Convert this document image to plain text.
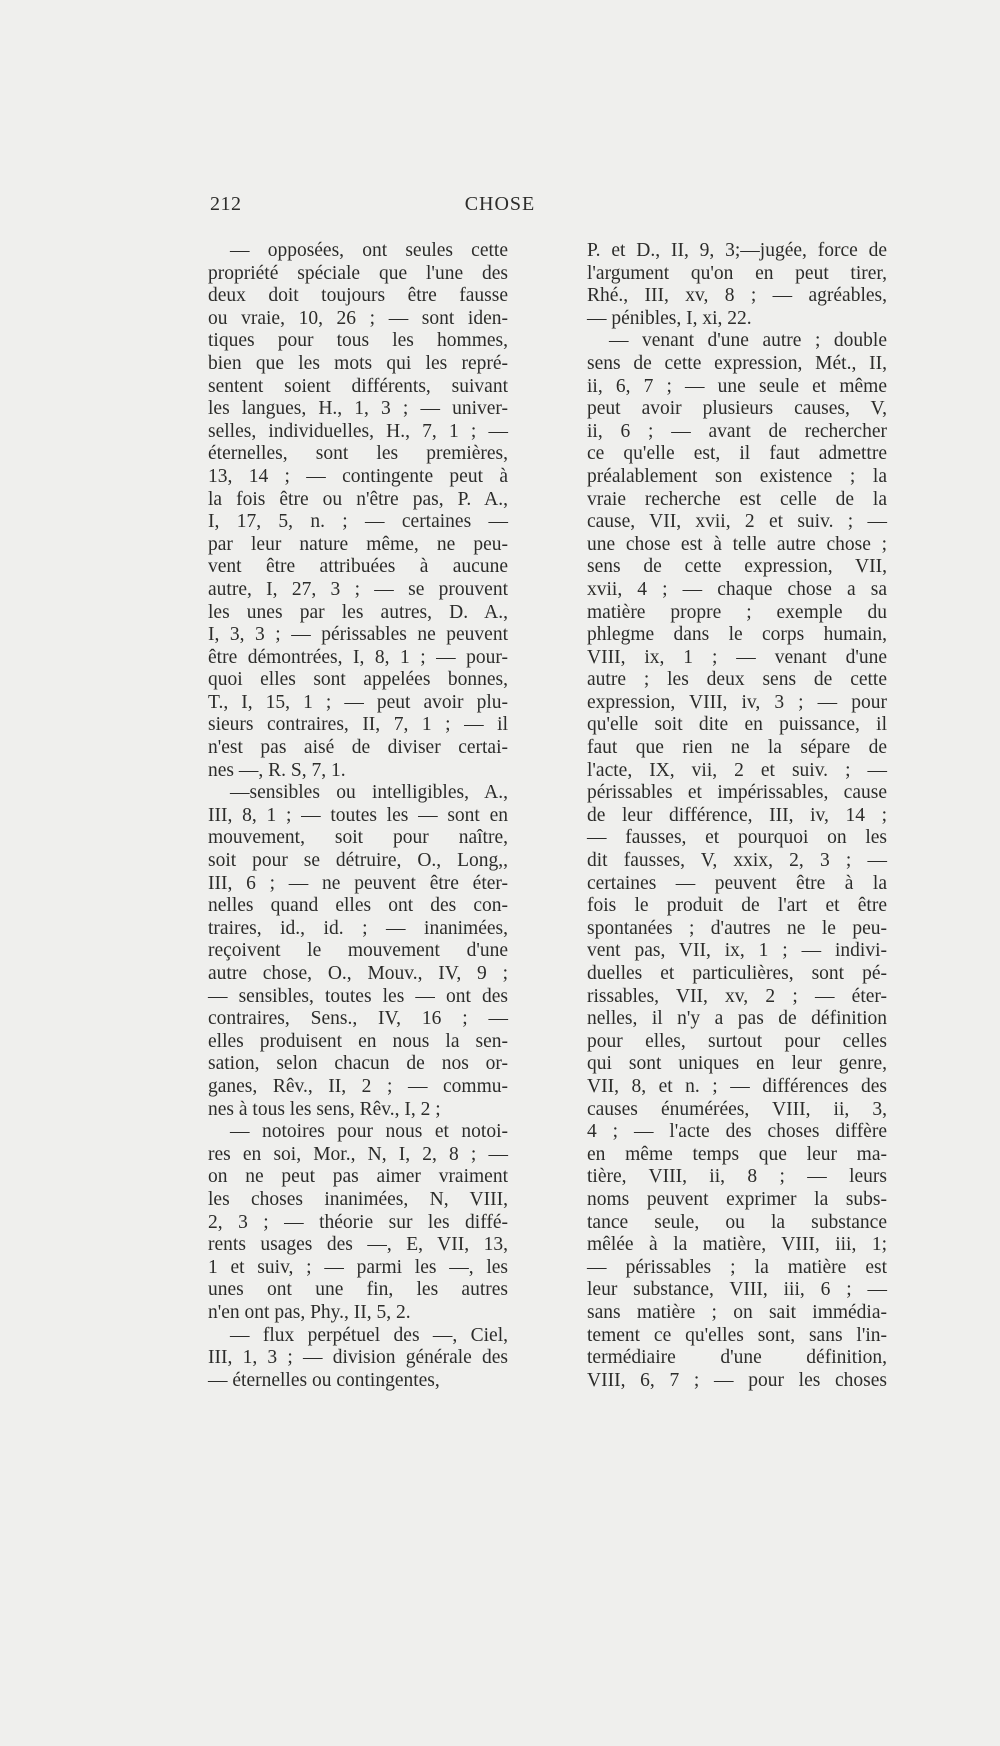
212	CHOSE
— opposées, ont seules cette
propriété spéciale que l'une des
deux doit toujours être fausse
ou vraie, 10, 26 ; — sont iden-
tiques pour tous les hommes,
bien que les mots qui les repré-
sentent soient différents, suivant
les langues, H., 1, 3 ; — univer-
selles, individuelles, H., 7, 1 ; —
éternelles, sont les premières,
13, 14 ; — contingente peut à
la fois être ou n'être pas, P. A.,
I, 17, 5, n. ; — certaines —
par leur nature même, ne peu-
vent être attribuées à aucune
autre, I, 27, 3 ; — se prouvent
les unes par les autres, D. A.,
I, 3, 3 ; — périssables ne peuvent
être démontrées, I, 8, 1 ; — pour-
quoi elles sont appelées bonnes,
T., I, 15, 1 ; — peut avoir plu-
sieurs contraires, II, 7, 1 ; — il
n'est pas aisé de diviser certai-
nes —, R. S, 7, 1.
—sensibles ou intelligibles, A.,
III, 8, 1 ; — toutes les — sont en
mouvement, soit pour naître,
soit pour se détruire, O., Long,,
III, 6 ; — ne peuvent être éter-
nelles quand elles ont des con-
traires, id., id. ; — inanimées,
reçoivent le mouvement d'une
autre chose, O., Mouv., IV, 9 ;
— sensibles, toutes les — ont des
contraires, Sens., IV, 16 ; —
elles produisent en nous la sen-
sation, selon chacun de nos or-
ganes, Rêv., II, 2 ; — commu-
nes à tous les sens, Rêv., I, 2 ;
— notoires pour nous et notoi-
res en soi, Mor., N, I, 2, 8 ; —
on ne peut pas aimer vraiment
les choses inanimées, N, VIII,
2, 3 ; — théorie sur les diffé-
rents usages des —, E, VII, 13,
1 et suiv, ; — parmi les —, les
unes ont une fin, les autres
n'en ont pas, Phy., II, 5, 2.
— flux perpétuel des —, Ciel,
III, 1, 3 ; — division générale des
— éternelles ou contingentes,
P. et D., II, 9, 3;—jugée, force de
l'argument qu'on en peut tirer,
Rhé., III, xv, 8 ; — agréables,
— pénibles, I, xi, 22.
— venant d'une autre ; double
sens de cette expression, Mét., II,
ii, 6, 7 ; — une seule et même
peut avoir plusieurs causes, V,
ii, 6 ; — avant de rechercher
ce qu'elle est, il faut admettre
préalablement son existence ; la
vraie recherche est celle de la
cause, VII, xvii, 2 et suiv. ; —
une chose est à telle autre chose ;
sens de cette expression, VII,
xvii, 4 ; — chaque chose a sa
matière propre ; exemple du
phlegme dans le corps humain,
VIII, ix, 1 ; — venant d'une
autre ; les deux sens de cette
expression, VIII, iv, 3 ; — pour
qu'elle soit dite en puissance, il
faut que rien ne la sépare de
l'acte, IX, vii, 2 et suiv. ; —
périssables et impérissables, cause
de leur différence, III, iv, 14 ;
— fausses, et pourquoi on les
dit fausses, V, xxix, 2, 3 ; —
certaines — peuvent être à la
fois le produit de l'art et être
spontanées ; d'autres ne le peu-
vent pas, VII, ix, 1 ; — indivi-
duelles et particulières, sont pé-
rissables, VII, xv, 2 ; — éter-
nelles, il n'y a pas de définition
pour elles, surtout pour celles
qui sont uniques en leur genre,
VII, 8, et n. ; — différences des
causes énumérées, VIII, ii, 3,
4 ; — l'acte des choses diffère
en même temps que leur ma-
tière, VIII, ii, 8 ; — leurs
noms peuvent exprimer la subs-
tance seule, ou la substance
mêlée à la matière, VIII, iii, 1;
— périssables ; la matière est
leur substance, VIII, iii, 6 ; —
sans matière ; on sait immédia-
tement ce qu'elles sont, sans l'in-
termédiaire d'une définition,
VIII, 6, 7 ; — pour les choses
